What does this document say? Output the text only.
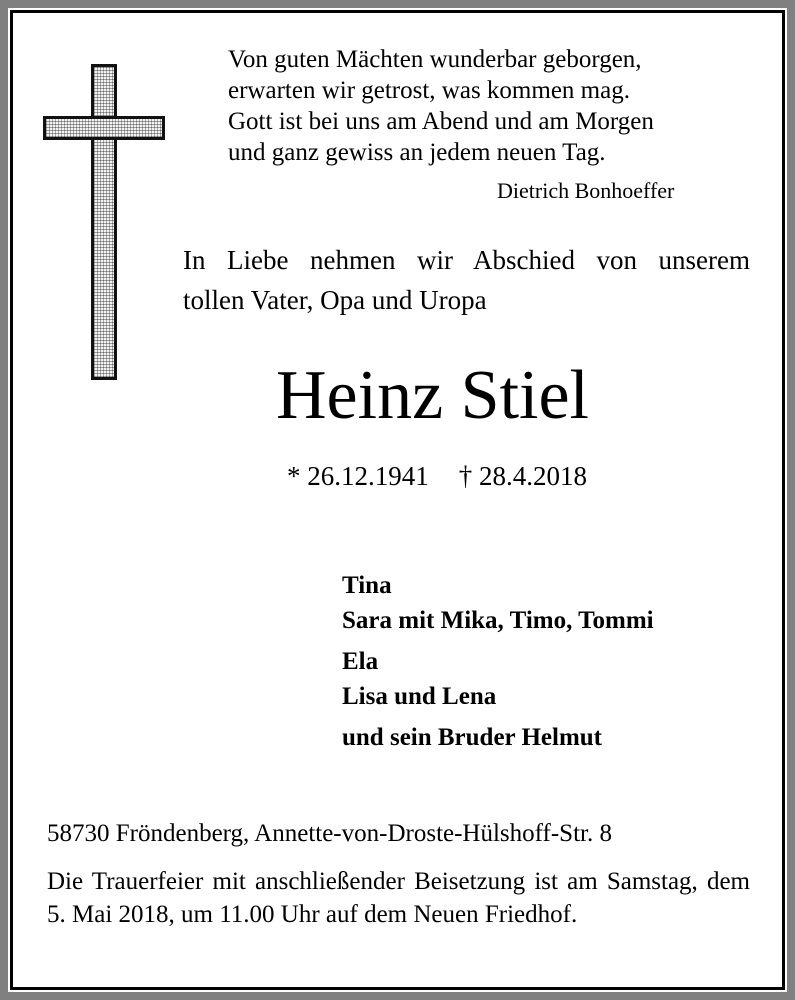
Von guten Mächten wunderbar geborgen,
erwarten wir getrost, was kommen mag.
Gott ist bei uns am Abend und am Morgen
und ganz gewiss an jedem neuen Tag.
Dietrich Bonhoeffer
In Liebe nehmen wir Abschied von unserem
tollen Vater, Opa und Uropa
Heinz Stiel
* 26.12.1941 † 28.4.2018
Tina
Sara mit Mika, Timo, Tommi
Ela
Lisa und Lena
und sein Bruder Helmut
58730 Fröndenberg, Annette-von-Droste-Hülshoff-Str. 8
Die Trauerfeier mit anschließender Beisetzung ist am Samstag, dem 5. Mai 2018, um 11.00 Uhr auf dem Neuen Friedhof.
